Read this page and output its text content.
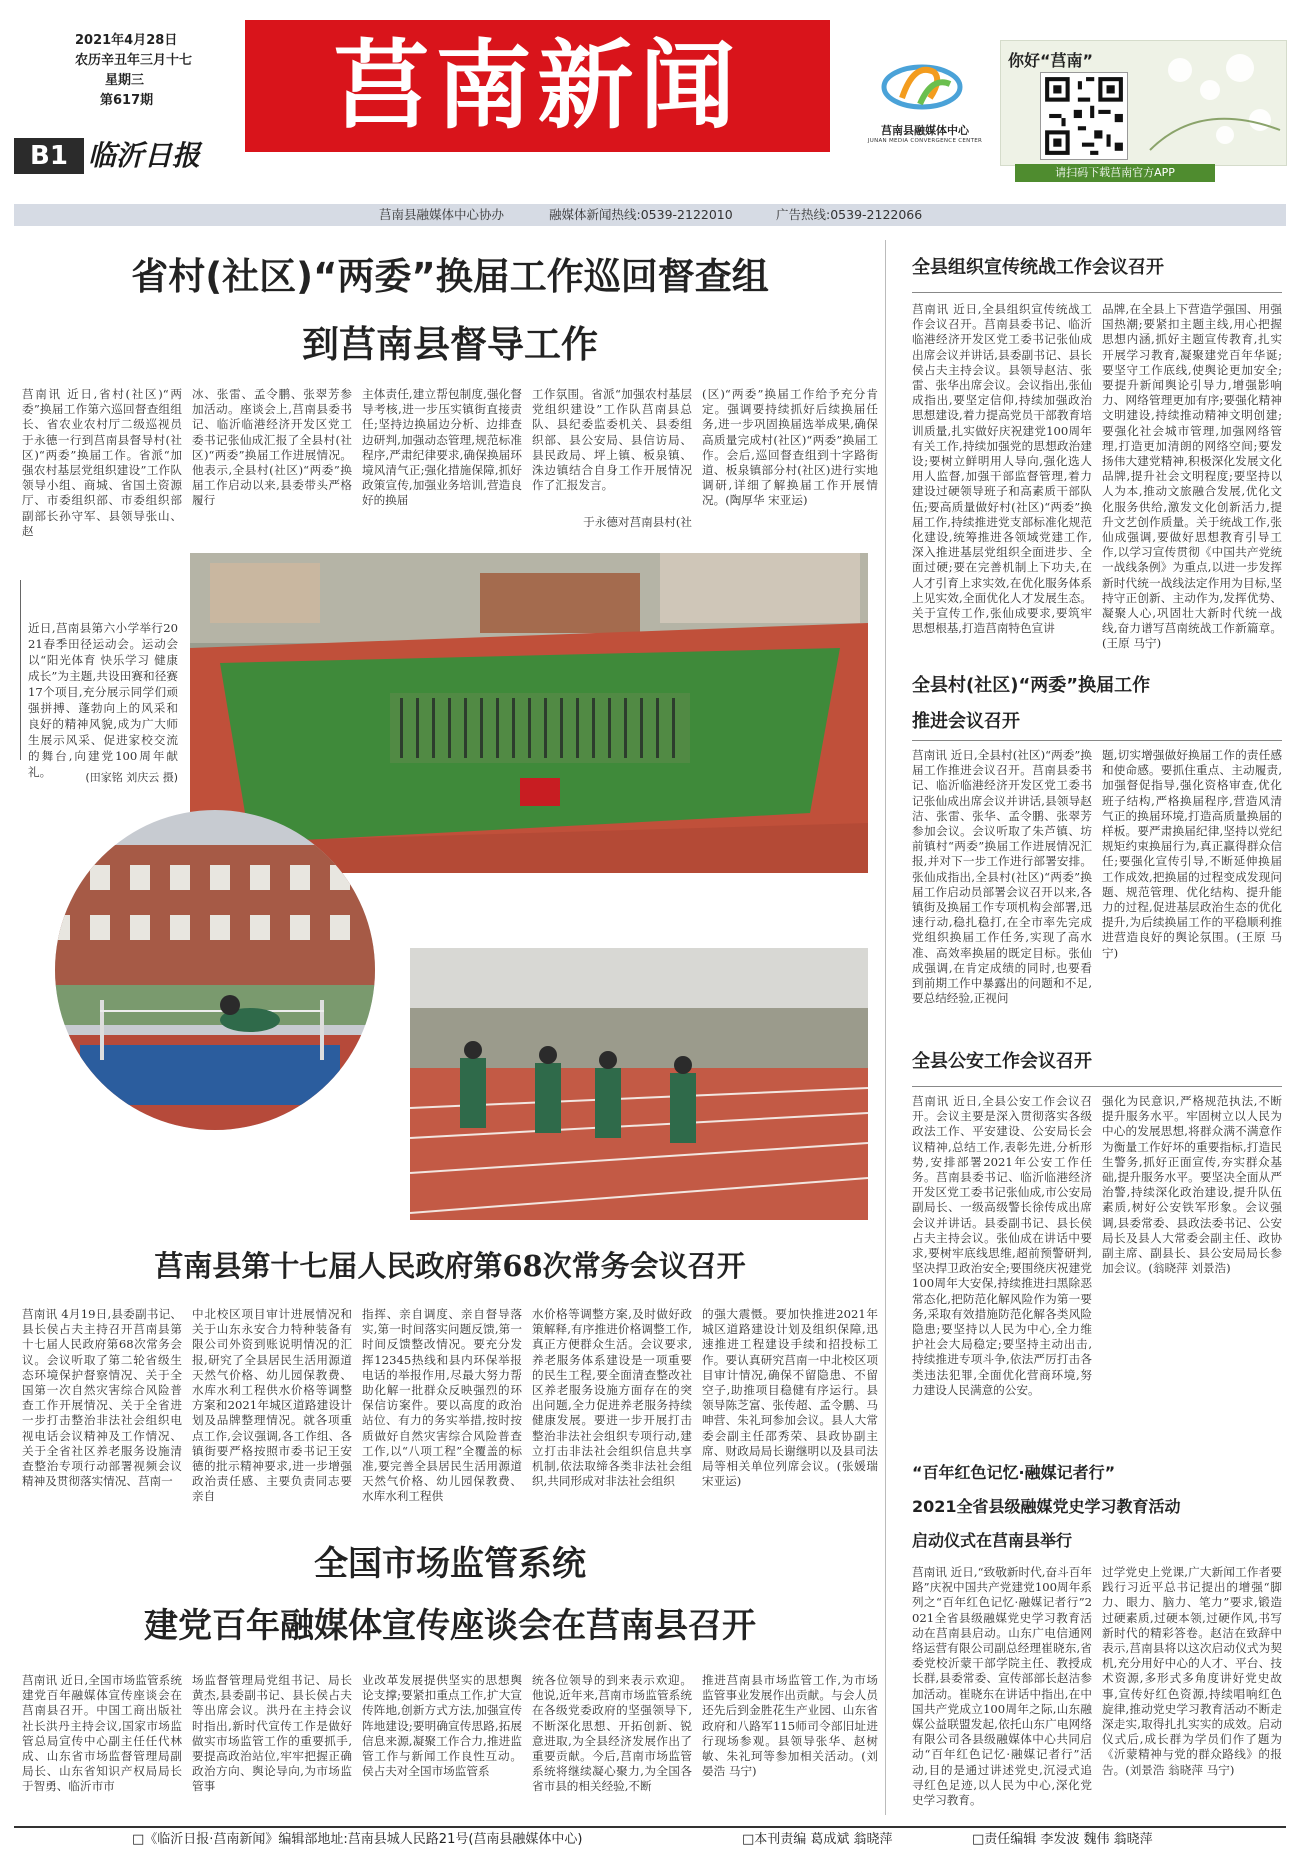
2021年4月28日
农历辛丑年三月十七
星期三
第617期	莒南新闻
B1 临沂日报
莒南县融媒体中心
JUNAN MEDIA CONVERGENCE CENTER
你好“莒南”
请扫码下载莒南官方APP
莒南县融媒体中心协办	融媒体新闻热线:0539-2122010	广告热线:0539-2122066
省村(社区)“两委”换届工作巡回督查组
到莒南县督导工作
莒南讯 近日,省村(社区)“两委”换届工作第六巡回督查组组长、省农业农村厅二级巡视员于永德一行到莒南县督导村(社区)“两委”换届工作。省派“加强农村基层党组织建设”工作队领导小组、商城、省国土资源厅、市委组织部、市委组织部副部长孙守军、县领导张山、赵
冰、张雷、孟令鹏、张翠芳参加活动。座谈会上,莒南县委书记、临沂临港经济开发区党工委书记张仙成汇报了全县村(社区)“两委”换届工作进展情况。他表示,全县村(社区)“两委”换届工作启动以来,县委带头严格履行
主体责任,建立帮包制度,强化督导考核,进一步压实镇街直接责任;坚持边换届边分析、边排查边研判,加强动态管理,规范标准程序,严肃纪律要求,确保换届环境风清气正;强化措施保障,抓好政策宣传,加强业务培训,营造良好的换届
工作氛围。省派“加强农村基层党组织建设”工作队莒南县总队、县纪委监委机关、县委组织部、县公安局、县信访局、县民政局、坪上镇、板泉镇、洙边镇结合自身工作开展情况作了汇报发言。
于永德对莒南县村(社
(区)“两委”换届工作给予充分肯定。强调要持续抓好后续换届任务,进一步巩固换届选举成果,确保高质量完成村(社区)“两委”换届工作。会后,巡回督查组到十字路街道、板泉镇部分村(社区)进行实地调研,详细了解换届工作开展情况。(陶厚华 宋亚运)
近日,莒南县第六小学举行2021春季田径运动会。运动会以“阳光体育 快乐学习 健康成长”为主题,共设田赛和径赛17个项目,充分展示同学们顽强拼搏、蓬勃向上的风采和良好的精神风貌,成为广大师生展示风采、促进家校交流的舞台,向建党100周年献礼。	(田家铭 刘庆云 摄)
莒南县第十七届人民政府第68次常务会议召开
莒南讯 4月19日,县委副书记、县长侯占夫主持召开莒南县第十七届人民政府第68次常务会议。会议听取了第二轮省级生态环境保护督察情况、关于全国第一次自然灾害综合风险普查工作开展情况、关于全省进一步打击整治非法社会组织电视电话会议精神及工作情况、关于全省社区养老服务设施清查整治专项行动部署视频会议精神及贯彻落实情况、莒南一
中北校区项目审计进展情况和关于山东永安合力特种装备有限公司外资到账说明情况的汇报,研究了全县居民生活用源道天然气价格、幼儿园保教费、水库水利工程供水价格等调整方案和2021年城区道路建设计划及品牌整理情况。就各项重点工作,会议强调,各工作组、各镇街要严格按照市委书记王安德的批示精神要求,进一步增强政治责任感、主要负责同志要亲自
指挥、亲自调度、亲自督导落实,第一时间落实问题反馈,第一时间反馈整改情况。要充分发挥12345热线和县内环保举报电话的举报作用,尽最大努力帮助化解一批群众反映强烈的环保信访案件。要以高度的政治站位、有力的务实举措,按时按质做好自然灾害综合风险普查工作,以“八项工程”全覆盖的标准,要完善全县居民生活用源道天然气价格、幼儿园保教费、水库水利工程供
水价格等调整方案,及时做好政策解释,有序推进价格调整工作,真正方便群众生活。会议要求,养老服务体系建设是一项重要的民生工程,要全面清查整改社区养老服务设施方面存在的突出问题,全力促进养老服务持续健康发展。要进一步开展打击整治非法社会组织专项行动,建立打击非法社会组织信息共享机制,依法取缔各类非法社会组织,共同形成对非法社会组织
的强大震慑。要加快推进2021年城区道路建设计划及组织保障,迅速推进工程建设手续和招投标工作。要认真研究莒南一中北校区项目审计情况,确保不留隐患、不留空子,助推项目稳健有序运行。县领导陈芝富、张传超、孟令鹏、马呻营、朱礼珂参加会议。县人大常委会副主任邵秀荣、县政协副主席、财政局局长谢继明以及县司法局等相关单位列席会议。(张媛瑞 宋亚运)
全国市场监管系统
建党百年融媒体宣传座谈会在莒南县召开
莒南讯 近日,全国市场监管系统建党百年融媒体宣传座谈会在莒南县召开。中国工商出版社社长洪丹主持会议,国家市场监管总局宣传中心副主任任代林成、山东省市场监督管理局副局长、山东省知识产权局局长于智勇、临沂市市
场监督管理局党组书记、局长黄杰,县委副书记、县长侯占夫等出席会议。洪丹在主持会议时指出,新时代宣传工作是做好做实市场监管工作的重要抓手,要提高政治站位,牢牢把握正确政治方向、舆论导向,为市场监管事
业改革发展提供坚实的思想舆论支撑;要紧扣重点工作,扩大宣传阵地,创新方式方法,加强宣传阵地建设;要明确宣传思路,拓展信息来源,凝聚工作合力,推进监管工作与新闻工作良性互动。侯占夫对全国市场监管系
统各位领导的到来表示欢迎。他说,近年来,莒南市场监管系统在各级党委政府的坚强领导下,不断深化思想、开拓创新、锐意进取,为全县经济发展作出了重要贡献。今后,莒南市场监管系统将继续凝心聚力,为全国各省市县的相关经验,不断
推进莒南县市场监管工作,为市场监管事业发展作出贡献。与会人员还先后到金胜花生产业园、山东省政府和八路军115师司令部旧址进行现场参观。县领导张华、赵树敏、朱礼珂等参加相关活动。(刘晏浩 马宁)
全县组织宣传统战工作会议召开
莒南讯 近日,全县组织宣传统战工作会议召开。莒南县委书记、临沂临港经济开发区党工委书记张仙成出席会议并讲话,县委副书记、县长侯占夫主持会议。县领导赵洁、张雷、张华出席会议。会议指出,张仙成指出,要坚定信仰,持续加强政治思想建设,着力提高党员干部教育培训质量,扎实做好庆祝建党100周年有关工作,持续加强党的思想政治建设;要树立鲜明用人导向,强化选人用人监督,加强干部监督管理,着力建设过硬领导班子和高素质干部队伍;要高质量做好村(社区)“两委”换届工作,持续推进党支部标准化规范化建设,统筹推进各领域党建工作,深入推进基层党组织全面进步、全面过硬;要在完善机制上下功夫,在人才引育上求实效,在优化服务体系上见实效,全面优化人才发展生态。关于宣传工作,张仙成要求,要筑牢思想根基,打造莒南特色宣讲
品牌,在全县上下营造学强国、用强国热潮;要紧扣主题主线,用心把握思想内涵,抓好主题宣传教育,扎实开展学习教育,凝聚建党百年华诞;要坚守工作底线,使舆论更加安全;要提升新闻舆论引导力,增强影响力、网络管理更加有序;要强化精神文明建设,持续推动精神文明创建;要强化社会城市管理,加强网络管理,打造更加清朗的网络空间;要发扬伟大建党精神,积极深化发展文化品牌,提升社会文明程度;要坚持以人为本,推动文旅融合发展,优化文化服务供给,激发文化创新活力,提升文艺创作质量。关于统战工作,张仙成强调,要做好思想教育引导工作,以学习宣传贯彻《中国共产党统一战线条例》为重点,以进一步发挥新时代统一战线法定作用为目标,坚持守正创新、主动作为,发挥优势、凝聚人心,巩固壮大新时代统一战线,奋力谱写莒南统战工作新篇章。(王原 马宁)
全县村(社区)“两委”换届工作
推进会议召开
莒南讯 近日,全县村(社区)“两委”换届工作推进会议召开。莒南县委书记、临沂临港经济开发区党工委书记张仙成出席会议并讲话,县领导赵洁、张雷、张华、孟令鹏、张翠芳参加会议。会议听取了朱芦镇、坊前镇村“两委”换届工作进展情况汇报,并对下一步工作进行部署安排。张仙成指出,全县村(社区)“两委”换届工作启动员部署会议召开以来,各镇街及换届工作专项机构会部署,迅速行动,稳扎稳打,在全市率先完成党组织换届工作任务,实现了高水准、高效率换届的既定目标。张仙成强调,在肯定成绩的同时,也要看到前期工作中暴露出的问题和不足,要总结经验,正视问
题,切实增强做好换届工作的责任感和使命感。要抓住重点、主动履责,加强督促指导,强化资格审查,优化班子结构,严格换届程序,营造风清气正的换届环境,打造高质量换届的样板。要严肃换届纪律,坚持以党纪规矩约束换届行为,真正赢得群众信任;要强化宣传引导,不断延伸换届工作成效,把换届的过程变成发现问题、规范管理、优化结构、提升能力的过程,促进基层政治生态的优化提升,为后续换届工作的平稳顺利推进营造良好的舆论氛围。(王原 马宁)
全县公安工作会议召开
莒南讯 近日,全县公安工作会议召开。会议主要是深入贯彻落实各级政法工作、平安建设、公安局长会议精神,总结工作,表彰先进,分析形势,安排部署2021年公安工作任务。莒南县委书记、临沂临港经济开发区党工委书记张仙成,市公安局副局长、一级高级警长徐传成出席会议并讲话。县委副书记、县长侯占夫主持会议。张仙成在讲话中要求,要树牢底线思维,超前预警研判,坚决捍卫政治安全;要围绕庆祝建党100周年大安保,持续推进扫黑除恶常态化,把防范化解风险作为第一要务,采取有效措施防范化解各类风险隐患;要坚持以人民为中心,全力维护社会大局稳定;要坚持主动出击,持续推进专项斗争,依法严厉打击各类违法犯罪,全面优化营商环境,努力建设人民满意的公安。
强化为民意识,严格规范执法,不断提升服务水平。牢固树立以人民为中心的发展思想,将群众满不满意作为衡量工作好坏的重要指标,打造民生警务,抓好正面宣传,夯实群众基础,提升服务水平。要坚决全面从严治警,持续深化政治建设,提升队伍素质,树好公安铁军形象。会议强调,县委常委、县政法委书记、公安局长及县人大常委会副主任、政协副主席、副县长、县公安局局长参加会议。(翁晓萍 刘景浩)
“百年红色记忆·融媒记者行”
2021全省县级融媒党史学习教育活动
启动仪式在莒南县举行
莒南讯 近日,“致敬新时代,奋斗百年路”庆祝中国共产党建党100周年系列之“百年红色记忆·融媒记者行”2021全省县级融媒党史学习教育活动在莒南县启动。山东广电信通网络运营有限公司副总经理崔晓东,省委党校沂蒙干部学院主任、教授成长群,县委常委、宣传部部长赵洁参加活动。崔晓东在讲话中指出,在中国共产党成立100周年之际,山东融媒公益联盟发起,依托山东广电网络有限公司各县级融媒体中心共同启动“百年红色记忆·融媒记者行”活动,目的是通过讲述党史,沉浸式追寻红色足迹,以人民为中心,深化党史学习教育。
过学党史上党课,广大新闻工作者要践行习近平总书记提出的增强“脚力、眼力、脑力、笔力”要求,锻造过硬素质,过硬本领,过硬作风,书写新时代的精彩答卷。赵洁在致辞中表示,莒南县将以这次启动仪式为契机,充分用好中心的人才、平台、技术资源,多形式多角度讲好党史故事,宣传好红色资源,持续唱响红色旋律,推动党史学习教育活动不断走深走实,取得扎扎实实的成效。启动仪式后,成长群为学员们作了题为《沂蒙精神与党的群众路线》的报告。(刘景浩 翁晓萍 马宁)
□《临沂日报·莒南新闻》编辑部地址:莒南县城人民路21号(莒南县融媒体中心)	□本刊责编 葛成斌 翁晓萍	□责任编辑 李发波 魏伟 翁晓萍
